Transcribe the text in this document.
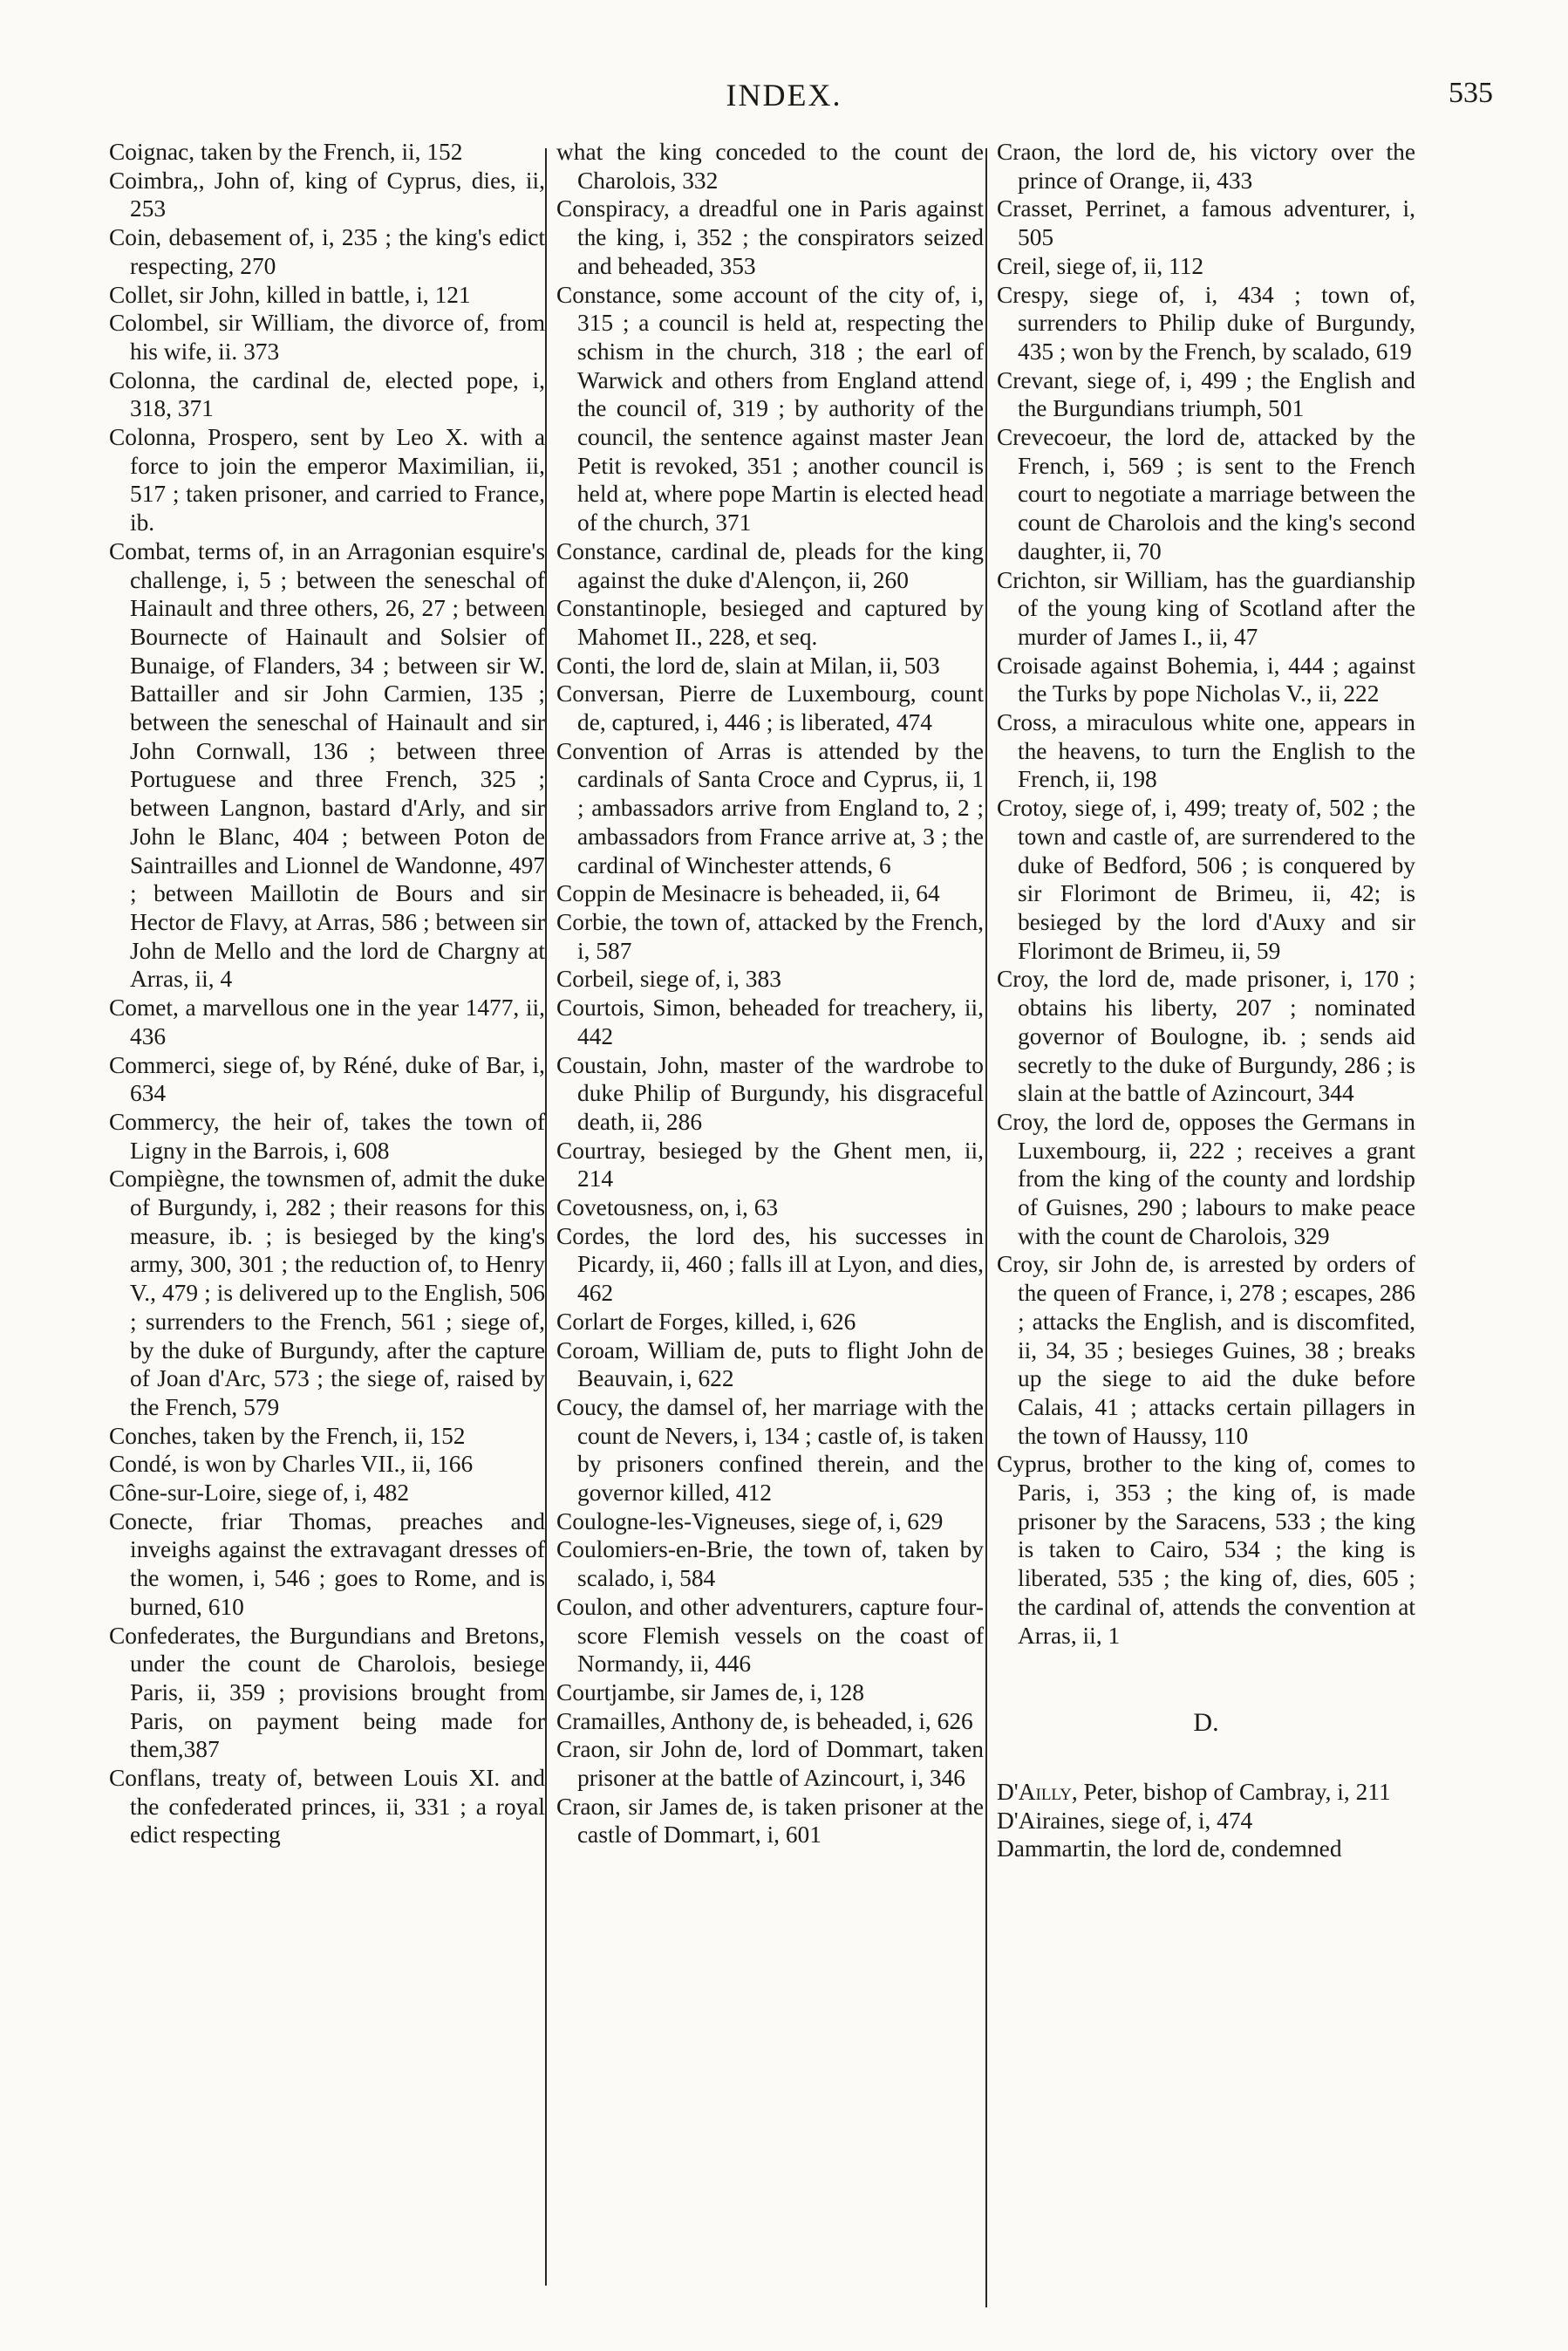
INDEX.	535

Coignac, taken by the French, ii, 152

Coimbra,, John of, king of Cyprus, dies, ii, 253

Coin, debasement of, i, 235 ; the king's edict respecting, 270

Collet, sir John, killed in battle, i, 121

Colombel, sir William, the divorce of, from his wife, ii. 373

Colonna, the cardinal de, elected pope, i, 318, 371

Colonna, Prospero, sent by Leo X. with a force to join the emperor Maximilian, ii, 517 ; taken prisoner, and carried to France, ib.

Combat, terms of, in an Arragonian esquire's challenge, i, 5 ; between the seneschal of Hainault and three others, 26, 27 ; between Bournecte of Hainault and Solsier of Bunaige, of Flanders, 34 ; between sir W. Battailler and sir John Carmien, 135 ; between the seneschal of Hainault and sir John Cornwall, 136 ; between three Portuguese and three French, 325 ; between Langnon, bastard d'Arly, and sir John le Blanc, 404 ; between Poton de Saintrailles and Lionnel de Wandonne, 497 ; between Maillotin de Bours and sir Hector de Flavy, at Arras, 586 ; between sir John de Mello and the lord de Chargny at Arras, ii, 4

Comet, a marvellous one in the year 1477, ii, 436

Commerci, siege of, by Réné, duke of Bar, i, 634

Commercy, the heir of, takes the town of Ligny in the Barrois, i, 608

Compiègne, the townsmen of, admit the duke of Burgundy, i, 282 ; their reasons for this measure, ib. ; is besieged by the king's army, 300, 301 ; the reduction of, to Henry V., 479 ; is delivered up to the English, 506 ; surrenders to the French, 561 ; siege of, by the duke of Burgundy, after the capture of Joan d'Arc, 573 ; the siege of, raised by the French, 579

Conches, taken by the French, ii, 152

Condé, is won by Charles VII., ii, 166

Cône-sur-Loire, siege of, i, 482

Conecte, friar Thomas, preaches and inveighs against the extravagant dresses of the women, i, 546 ; goes to Rome, and is burned, 610

Confederates, the Burgundians and Bretons, under the count de Charolois, besiege Paris, ii, 359 ; provisions brought from Paris, on payment being made for them,387

Conflans, treaty of, between Louis XI. and the confederated princes, ii, 331 ; a royal edict respecting

what the king conceded to the count de Charolois, 332

Conspiracy, a dreadful one in Paris against the king, i, 352 ; the conspirators seized and beheaded, 353

Constance, some account of the city of, i, 315 ; a council is held at, respecting the schism in the church, 318 ; the earl of Warwick and others from England attend the council of, 319 ; by authority of the council, the sentence against master Jean Petit is revoked, 351 ; another council is held at, where pope Martin is elected head of the church, 371

Constance, cardinal de, pleads for the king against the duke d'Alençon, ii, 260

Constantinople, besieged and captured by Mahomet II., 228, et seq.

Conti, the lord de, slain at Milan, ii, 503

Conversan, Pierre de Luxembourg, count de, captured, i, 446 ; is liberated, 474

Convention of Arras is attended by the cardinals of Santa Croce and Cyprus, ii, 1 ; ambassadors arrive from England to, 2 ; ambassadors from France arrive at, 3 ; the cardinal of Winchester attends, 6

Coppin de Mesinacre is beheaded, ii, 64

Corbie, the town of, attacked by the French, i, 587

Corbeil, siege of, i, 383

Courtois, Simon, beheaded for treachery, ii, 442

Coustain, John, master of the wardrobe to duke Philip of Burgundy, his disgraceful death, ii, 286

Courtray, besieged by the Ghent men, ii, 214

Covetousness, on, i, 63

Cordes, the lord des, his successes in Picardy, ii, 460 ; falls ill at Lyon, and dies, 462

Corlart de Forges, killed, i, 626

Coroam, William de, puts to flight John de Beauvain, i, 622

Coucy, the damsel of, her marriage with the count de Nevers, i, 134 ; castle of, is taken by prisoners confined therein, and the governor killed, 412

Coulogne-les-Vigneuses, siege of, i, 629

Coulomiers-en-Brie, the town of, taken by scalado, i, 584

Coulon, and other adventurers, capture four-score Flemish vessels on the coast of Normandy, ii, 446

Courtjambe, sir James de, i, 128

Cramailles, Anthony de, is beheaded, i, 626

Craon, sir John de, lord of Dommart, taken prisoner at the battle of Azincourt, i, 346

Craon, sir James de, is taken prisoner at the castle of Dommart, i, 601

Craon, the lord de, his victory over the prince of Orange, ii, 433

Crasset, Perrinet, a famous adventurer, i, 505

Creil, siege of, ii, 112

Crespy, siege of, i, 434 ; town of, surrenders to Philip duke of Burgundy, 435 ; won by the French, by scalado, 619

Crevant, siege of, i, 499 ; the English and the Burgundians triumph, 501

Crevecoeur, the lord de, attacked by the French, i, 569 ; is sent to the French court to negotiate a marriage between the count de Charolois and the king's second daughter, ii, 70

Crichton, sir William, has the guardianship of the young king of Scotland after the murder of James I., ii, 47

Croisade against Bohemia, i, 444 ; against the Turks by pope Nicholas V., ii, 222

Cross, a miraculous white one, appears in the heavens, to turn the English to the French, ii, 198

Crotoy, siege of, i, 499; treaty of, 502 ; the town and castle of, are surrendered to the duke of Bedford, 506 ; is conquered by sir Florimont de Brimeu, ii, 42; is besieged by the lord d'Auxy and sir Florimont de Brimeu, ii, 59

Croy, the lord de, made prisoner, i, 170 ; obtains his liberty, 207 ; nominated governor of Boulogne, ib. ; sends aid secretly to the duke of Burgundy, 286 ; is slain at the battle of Azincourt, 344

Croy, the lord de, opposes the Germans in Luxembourg, ii, 222 ; receives a grant from the king of the county and lordship of Guisnes, 290 ; labours to make peace with the count de Charolois, 329

Croy, sir John de, is arrested by orders of the queen of France, i, 278 ; escapes, 286 ; attacks the English, and is discomfited, ii, 34, 35 ; besieges Guines, 38 ; breaks up the siege to aid the duke before Calais, 41 ; attacks certain pillagers in the town of Haussy, 110

Cyprus, brother to the king of, comes to Paris, i, 353 ; the king of, is made prisoner by the Saracens, 533 ; the king is taken to Cairo, 534 ; the king is liberated, 535 ; the king of, dies, 605 ; the cardinal of, attends the convention at Arras, ii, 1

D.

D'Ailly, Peter, bishop of Cambray, i, 211

D'Airaines, siege of, i, 474

Dammartin, the lord de, condemned
